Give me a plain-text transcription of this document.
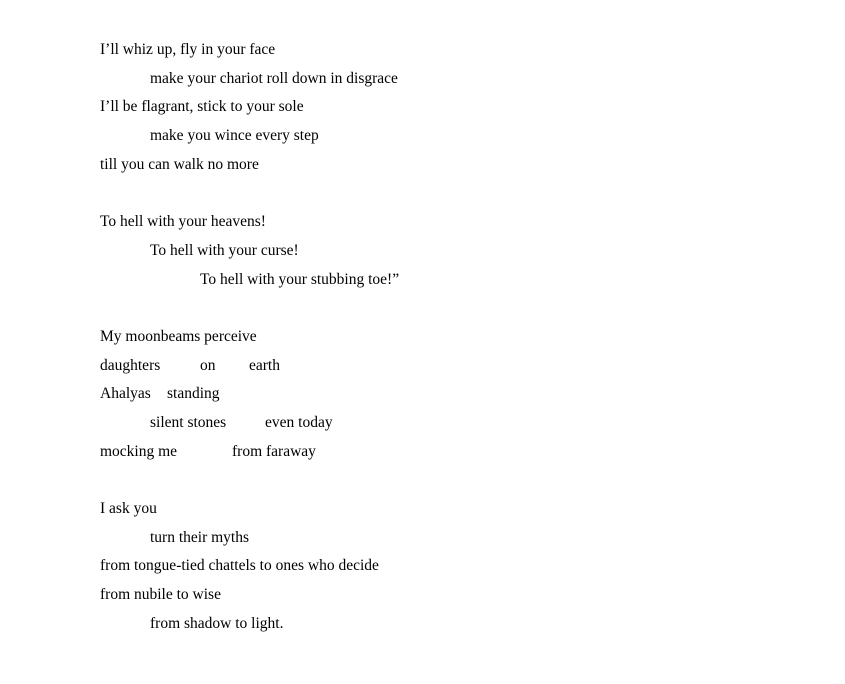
I’ll whiz up, fly in your face
make your chariot roll down in disgrace
I’ll be flagrant, stick to your sole
make you wince every step
till you can walk no more
To hell with your heavens!
To hell with your curse!
To hell with your stubbing toe!”
My moonbeams perceive
daughters	on earth
Ahalyas standing
silent stones	even today
mocking me	from faraway
I ask you
turn their myths
from tongue-tied chattels to ones who decide
from nubile to wise
from shadow to light.
